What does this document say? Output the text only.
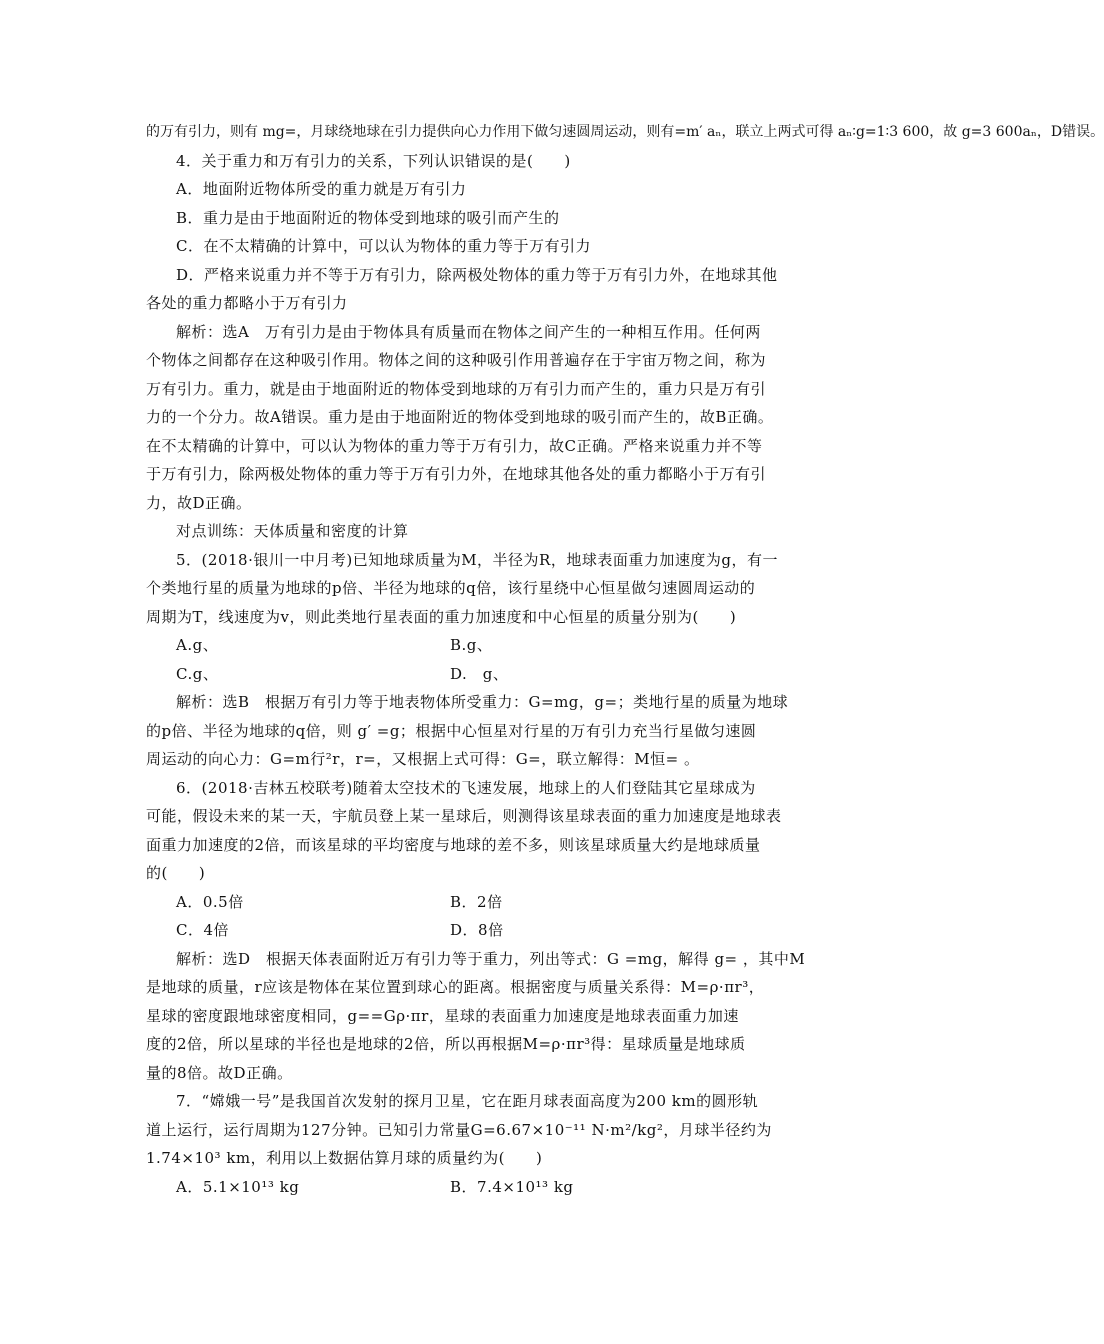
的万有引力，则有 mg=，月球绕地球在引力提供向心力作用下做匀速圆周运动，则有=m′ aₙ，联立上两式可得 aₙ∶g=1∶3 600，故 g=3 600aₙ，D错误。
4．关于重力和万有引力的关系，下列认识错误的是(　　)
A．地面附近物体所受的重力就是万有引力
B．重力是由于地面附近的物体受到地球的吸引而产生的
C．在不太精确的计算中，可以认为物体的重力等于万有引力
D．严格来说重力并不等于万有引力，除两极处物体的重力等于万有引力外，在地球其他
各处的重力都略小于万有引力
解析：选A　万有引力是由于物体具有质量而在物体之间产生的一种相互作用。任何两
个物体之间都存在这种吸引作用。物体之间的这种吸引作用普遍存在于宇宙万物之间，称为
万有引力。重力，就是由于地面附近的物体受到地球的万有引力而产生的，重力只是万有引
力的一个分力。故A错误。重力是由于地面附近的物体受到地球的吸引而产生的，故B正确。
在不太精确的计算中，可以认为物体的重力等于万有引力，故C正确。严格来说重力并不等
于万有引力，除两极处物体的重力等于万有引力外，在地球其他各处的重力都略小于万有引
力，故D正确。
对点训练：天体质量和密度的计算
5．(2018·银川一中月考)已知地球质量为M，半径为R，地球表面重力加速度为g，有一
个类地行星的质量为地球的p倍、半径为地球的q倍，该行星绕中心恒星做匀速圆周运动的
周期为T，线速度为v，则此类地行星表面的重力加速度和中心恒星的质量分别为(　　)
A.g、	B.g、
C.g、	D.　g、
解析：选B　根据万有引力等于地表物体所受重力：G=mg，g=；类地行星的质量为地球
的p倍、半径为地球的q倍，则 g′ =g；根据中心恒星对行星的万有引力充当行星做匀速圆
周运动的向心力：G=m行²r，r=，又根据上式可得：G=，联立解得：M恒= 。
6．(2018·吉林五校联考)随着太空技术的飞速发展，地球上的人们登陆其它星球成为
可能，假设未来的某一天，宇航员登上某一星球后，则测得该星球表面的重力加速度是地球表
面重力加速度的2倍，而该星球的平均密度与地球的差不多，则该星球质量大约是地球质量
的(　　)
A．0.5倍	B．2倍
C．4倍	D．8倍
解析：选D　根据天体表面附近万有引力等于重力，列出等式：G =mg，解得 g= ，其中M
是地球的质量，r应该是物体在某位置到球心的距离。根据密度与质量关系得：M=ρ·πr³，
星球的密度跟地球密度相同，g==Gρ·πr，星球的表面重力加速度是地球表面重力加速
度的2倍，所以星球的半径也是地球的2倍，所以再根据M=ρ·πr³得：星球质量是地球质
量的8倍。故D正确。
7．“嫦娥一号”是我国首次发射的探月卫星，它在距月球表面高度为200 km的圆形轨
道上运行，运行周期为127分钟。已知引力常量G=6.67×10⁻¹¹ N·m²/kg²，月球半径约为
1.74×10³ km，利用以上数据估算月球的质量约为(　　)
A．5.1×10¹³ kg	B．7.4×10¹³ kg
